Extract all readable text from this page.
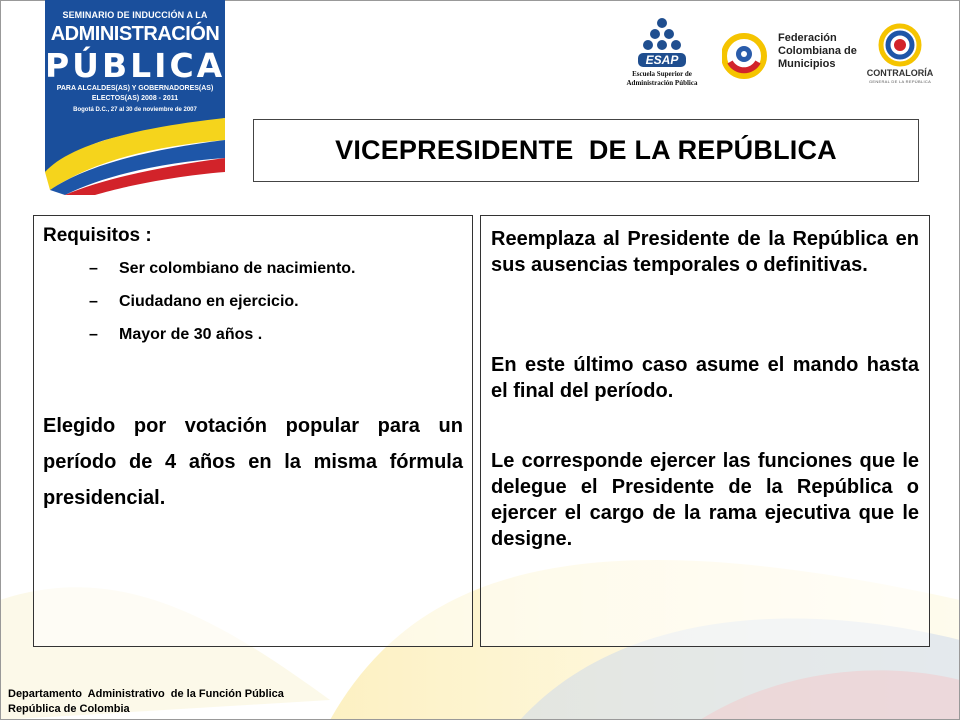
SEMINARIO DE INDUCCIÓN A LA
ADMINISTRACIÓN
PÚBLICA
PARA ALCALDES(AS) Y GOBERNADORES(AS)
ELECTOS(AS) 2008 - 2011
Bogotá D.C., 27 al 30 de noviembre de 2007
ESAP
Escuela Superior de Administración Pública
Federación Colombiana de Municipios
CONTRALORÍA
GENERAL DE LA REPÚBLICA
VICEPRESIDENTE  DE LA REPÚBLICA
Requisitos :
– Ser colombiano de nacimiento.
– Ciudadano en ejercicio.
– Mayor de 30 años .
Elegido por votación popular para un período de 4 años en la misma fórmula presidencial.
Reemplaza al Presidente de la República en sus ausencias temporales o definitivas.
En este último caso asume el mando hasta el final del período.
Le corresponde ejercer las funciones que le delegue el Presidente de la República o ejercer el cargo de la rama ejecutiva que le designe.
Departamento  Administrativo  de la Función Pública
República de Colombia
